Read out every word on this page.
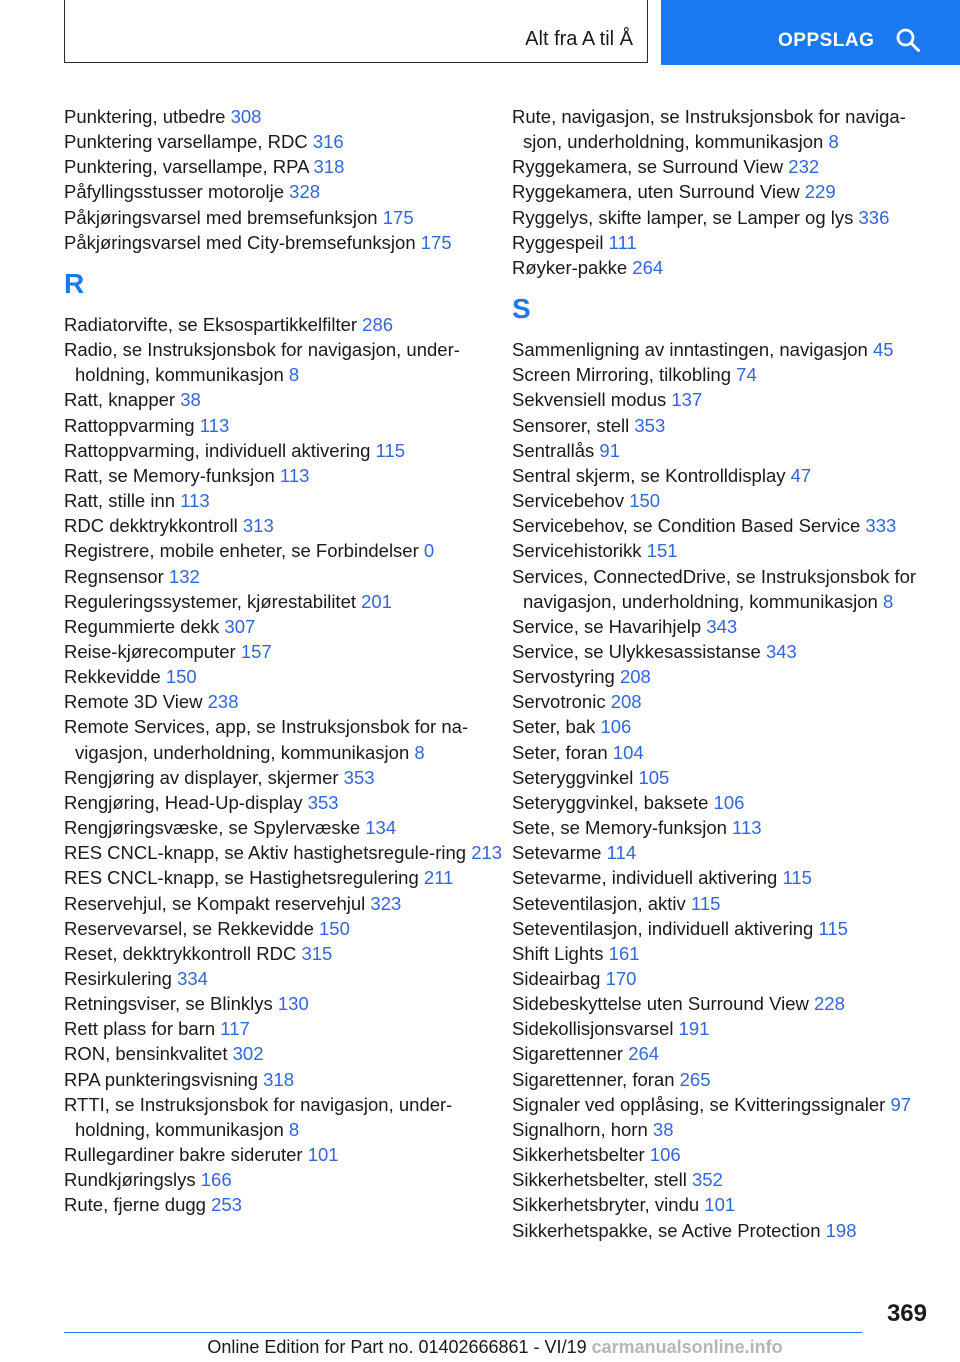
Alt fra A til Å	OPPSLAG
Punktering, utbedre 308
Punktering varsellampe, RDC 316
Punktering, varsellampe, RPA 318
Påfyllingsstusser motorolje 328
Påkjøringsvarsel med bremsefunksjon 175
Påkjøringsvarsel med City-bremsefunksjon 175
R
Radiatorvifte, se Eksospartikkelfilter 286
Radio, se Instruksjonsbok for navigasjon, under-holdning, kommunikasjon 8
Ratt, knapper 38
Rattoppvarming 113
Rattoppvarming, individuell aktivering 115
Ratt, se Memory-funksjon 113
Ratt, stille inn 113
RDC dekktrykkontroll 313
Registrere, mobile enheter, se Forbindelser 0
Regnsensor 132
Reguleringssystemer, kjørestabilitet 201
Regummierte dekk 307
Reise-kjørecomputer 157
Rekkevidde 150
Remote 3D View 238
Remote Services, app, se Instruksjonsbok for na-vigasjon, underholdning, kommunikasjon 8
Rengjøring av displayer, skjermer 353
Rengjøring, Head-Up-display 353
Rengjøringsvæske, se Spylervæske 134
RES CNCL-knapp, se Aktiv hastighetsregule-ring 213
RES CNCL-knapp, se Hastighetsregulering 211
Reservehjul, se Kompakt reservehjul 323
Reservevarsel, se Rekkevidde 150
Reset, dekktrykkontroll RDC 315
Resirkulering 334
Retningsviser, se Blinklys 130
Rett plass for barn 117
RON, bensinkvalitet 302
RPA punkteringsvisning 318
RTTI, se Instruksjonsbok for navigasjon, under-holdning, kommunikasjon 8
Rullegardiner bakre sideruter 101
Rundkjøringslys 166
Rute, fjerne dugg 253
Rute, navigasjon, se Instruksjonsbok for naviga-sjon, underholdning, kommunikasjon 8
Ryggekamera, se Surround View 232
Ryggekamera, uten Surround View 229
Ryggelys, skifte lamper, se Lamper og lys 336
Ryggespeil 111
Røyker-pakke 264
S
Sammenligning av inntastingen, navigasjon 45
Screen Mirroring, tilkobling 74
Sekvensiell modus 137
Sensorer, stell 353
Sentrallås 91
Sentral skjerm, se Kontrolldisplay 47
Servicebehov 150
Servicebehov, se Condition Based Service 333
Servicehistorikk 151
Services, ConnectedDrive, se Instruksjonsbok for navigasjon, underholdning, kommunikasjon 8
Service, se Havarihjelp 343
Service, se Ulykkesassistanse 343
Servostyring 208
Servotronic 208
Seter, bak 106
Seter, foran 104
Seteryggvinkel 105
Seteryggvinkel, baksete 106
Sete, se Memory-funksjon 113
Setevarme 114
Setevarme, individuell aktivering 115
Seteventilasjon, aktiv 115
Seteventilasjon, individuell aktivering 115
Shift Lights 161
Sideairbag 170
Sidebeskyttelse uten Surround View 228
Sidekollisjonsvarsel 191
Sigarettenner 264
Sigarettenner, foran 265
Signaler ved opplåsing, se Kvitteringssignaler 97
Signalhorn, horn 38
Sikkerhetsbelter 106
Sikkerhetsbelter, stell 352
Sikkerhetsbryter, vindu 101
Sikkerhetspakke, se Active Protection 198
369
Online Edition for Part no. 01402666861 - VI/19 carmanualsonline.info
